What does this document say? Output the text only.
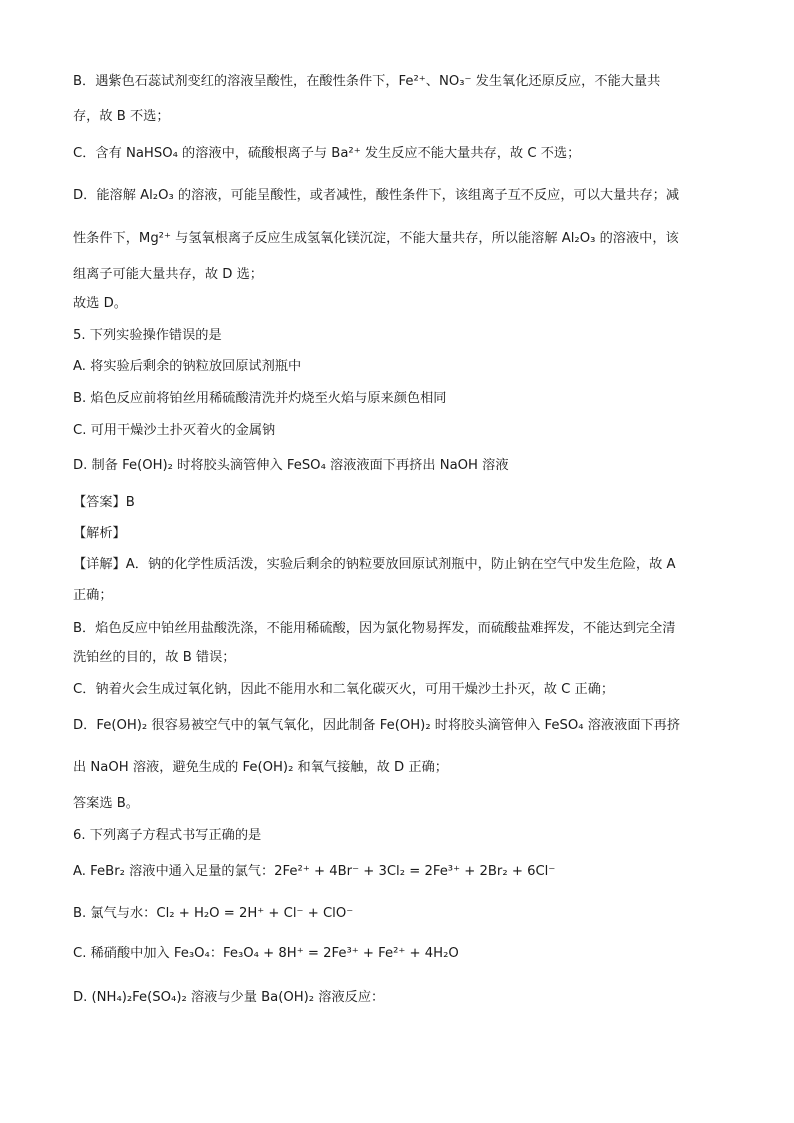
B．遇紫色石蕊试剂变红的溶液呈酸性，在酸性条件下，Fe²⁺、NO₃⁻ 发生氧化还原反应，不能大量共
存，故 B 不选；
C．含有 NaHSO₄ 的溶液中，硫酸根离子与 Ba²⁺ 发生反应不能大量共存，故 C 不选；
D．能溶解 Al₂O₃ 的溶液，可能呈酸性，或者减性，酸性条件下，该组离子互不反应，可以大量共存；减
性条件下，Mg²⁺ 与氢氧根离子反应生成氢氧化镁沉淀，不能大量共存，所以能溶解 Al₂O₃ 的溶液中，该
组离子可能大量共存，故 D 选；
故选 D。
5. 下列实验操作错误的是
A. 将实验后剩余的钠粒放回原试剂瓶中
B. 焰色反应前将铂丝用稀硫酸清洗并灼烧至火焰与原来颜色相同
C. 可用干燥沙土扑灭着火的金属钠
D. 制备 Fe(OH)₂ 时将胶头滴管伸入 FeSO₄ 溶液液面下再挤出 NaOH 溶液
【答案】B
【解析】
【详解】A．钠的化学性质活泼，实验后剩余的钠粒要放回原试剂瓶中，防止钠在空气中发生危险，故 A
正确；
B．焰色反应中铂丝用盐酸洗涤，不能用稀硫酸，因为氯化物易挥发，而硫酸盐难挥发，不能达到完全清
洗铂丝的目的，故 B 错误；
C．钠着火会生成过氧化钠，因此不能用水和二氧化碳灭火，可用干燥沙土扑灭，故 C 正确；
D．Fe(OH)₂ 很容易被空气中的氧气氧化，因此制备 Fe(OH)₂ 时将胶头滴管伸入 FeSO₄ 溶液液面下再挤
出 NaOH 溶液，避免生成的 Fe(OH)₂ 和氧气接触，故 D 正确；
答案选 B。
6. 下列离子方程式书写正确的是
A. FeBr₂ 溶液中通入足量的氯气：2Fe²⁺ + 4Br⁻ + 3Cl₂ = 2Fe³⁺ + 2Br₂ + 6Cl⁻
B. 氯气与水：Cl₂ + H₂O = 2H⁺ + Cl⁻ + ClO⁻
C. 稀硝酸中加入 Fe₃O₄：Fe₃O₄ + 8H⁺ = 2Fe³⁺ + Fe²⁺ + 4H₂O
D. (NH₄)₂Fe(SO₄)₂ 溶液与少量 Ba(OH)₂ 溶液反应：
